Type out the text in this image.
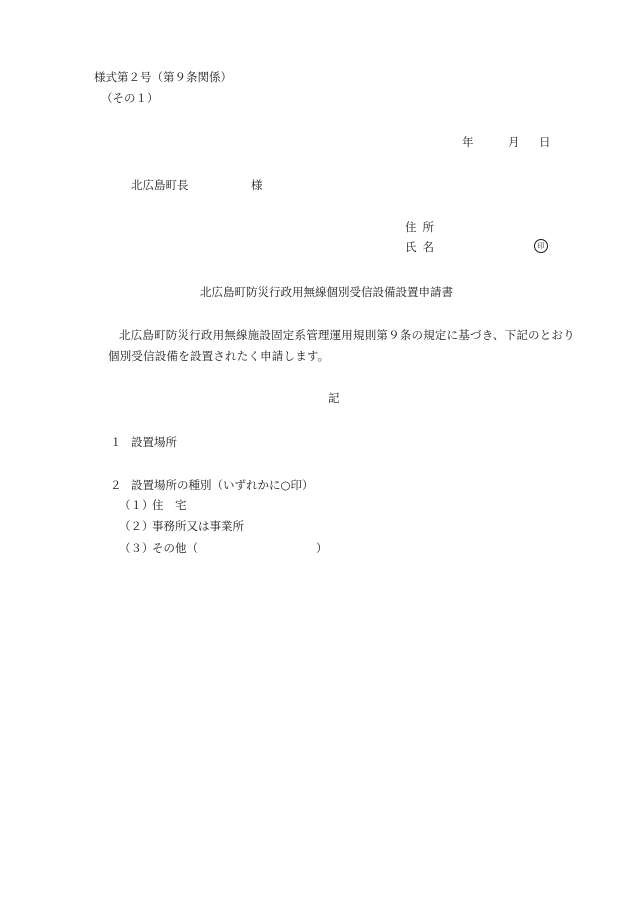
様式第２号（第９条関係）
（その１）
年	月 日
北広島町長	様
住所
氏名	印
北広島町防災行政用無線個別受信設備設置申請書
北広島町防災行政用無線施設固定系管理運用規則第９条の規定に基づき、下記のとおり個別受信設備を設置されたく申請します。
記
１ 設置場所
２ 設置場所の種別（いずれかに○印）
（１）住　宅
（２）事務所又は事業所
（３）その他（	）
